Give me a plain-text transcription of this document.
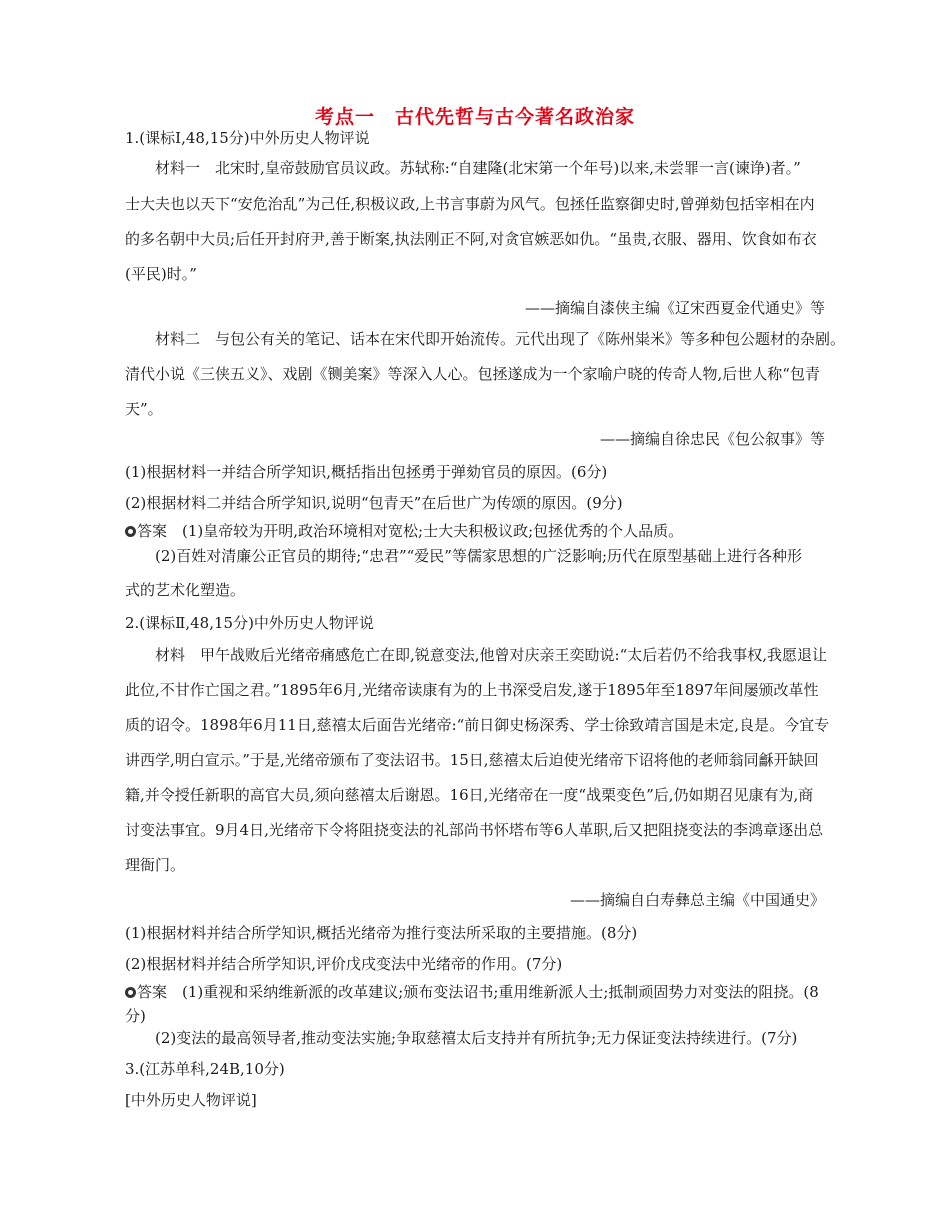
考点一　古代先哲与古今著名政治家
1.(课标Ⅰ,48,15分)中外历史人物评说
材料一　北宋时,皇帝鼓励官员议政。苏轼称:“自建隆(北宋第一个年号)以来,未尝罪一言(谏诤)者。”
士大夫也以天下“安危治乱”为己任,积极议政,上书言事蔚为风气。包拯任监察御史时,曾弹劾包括宰相在内
的多名朝中大员;后任开封府尹,善于断案,执法刚正不阿,对贪官嫉恶如仇。“虽贵,衣服、器用、饮食如布衣
(平民)时。”
——摘编自漆侠主编《辽宋西夏金代通史》等
材料二　与包公有关的笔记、话本在宋代即开始流传。元代出现了《陈州粜米》等多种包公题材的杂剧。
清代小说《三侠五义》、戏剧《铡美案》等深入人心。包拯遂成为一个家喻户晓的传奇人物,后世人称“包青
天”。
——摘编自徐忠民《包公叙事》等
(1)根据材料一并结合所学知识,概括指出包拯勇于弹劾官员的原因。(6分)
(2)根据材料二并结合所学知识,说明“包青天”在后世广为传颂的原因。(9分)
答案　(1)皇帝较为开明,政治环境相对宽松;士大夫积极议政;包拯优秀的个人品质。
(2)百姓对清廉公正官员的期待;“忠君”“爱民”等儒家思想的广泛影响;历代在原型基础上进行各种形
式的艺术化塑造。
2.(课标Ⅱ,48,15分)中外历史人物评说
材料　甲午战败后光绪帝痛感危亡在即,锐意变法,他曾对庆亲王奕劻说:“太后若仍不给我事权,我愿退让
此位,不甘作亡国之君。”1895年6月,光绪帝读康有为的上书深受启发,遂于1895年至1897年间屡颁改革性
质的诏令。1898年6月11日,慈禧太后面告光绪帝:“前日御史杨深秀、学士徐致靖言国是未定,良是。今宜专
讲西学,明白宣示。”于是,光绪帝颁布了变法诏书。15日,慈禧太后迫使光绪帝下诏将他的老师翁同龢开缺回
籍,并令授任新职的高官大员,须向慈禧太后谢恩。16日,光绪帝在一度“战栗变色”后,仍如期召见康有为,商
讨变法事宜。9月4日,光绪帝下令将阻挠变法的礼部尚书怀塔布等6人革职,后又把阻挠变法的李鸿章逐出总
理衙门。
——摘编自白寿彝总主编《中国通史》
(1)根据材料并结合所学知识,概括光绪帝为推行变法所采取的主要措施。(8分)
(2)根据材料并结合所学知识,评价戊戌变法中光绪帝的作用。(7分)
答案　(1)重视和采纳维新派的改革建议;颁布变法诏书;重用维新派人士;抵制顽固势力对变法的阻挠。(8
分)
(2)变法的最高领导者,推动变法实施;争取慈禧太后支持并有所抗争;无力保证变法持续进行。(7分)
3.(江苏单科,24B,10分)
[中外历史人物评说]
